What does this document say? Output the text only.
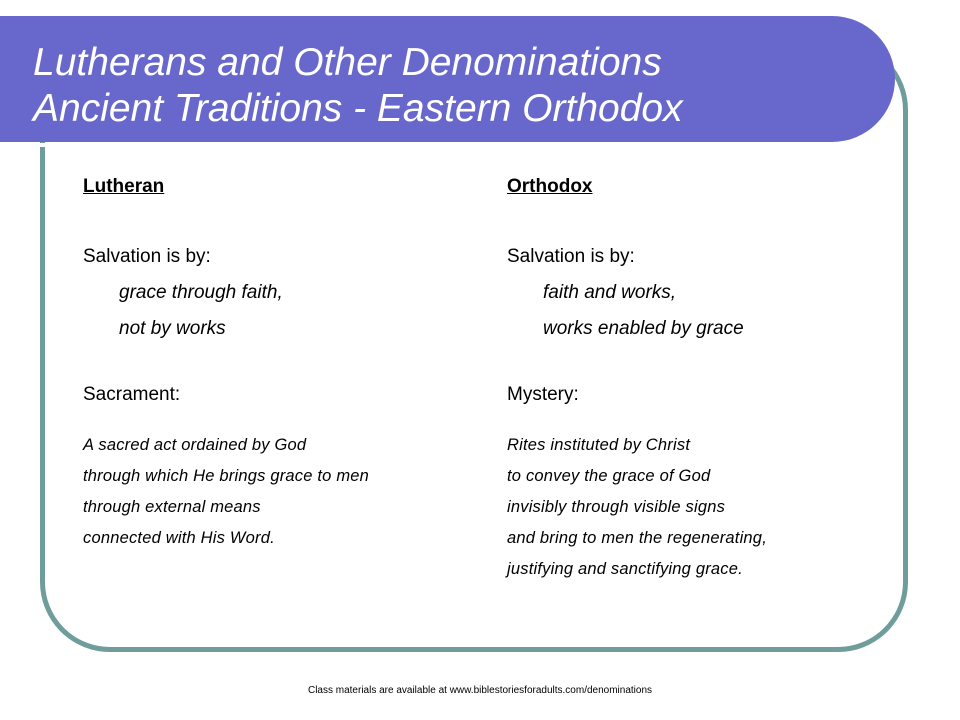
Lutherans and Other Denominations
Ancient Traditions - Eastern Orthodox

Lutheran

Salvation is by:

grace through faith,
not by works

Sacrament:

A sacred act ordained by God
through which He brings grace to men
through external means
connected with His Word.

Orthodox

Salvation is by:

faith and works,
works enabled by grace

Mystery:

Rites instituted by Christ
to convey the grace of God
invisibly through visible signs
and bring to men the regenerating,
justifying and sanctifying grace.
Class materials are available at www.biblestoriesforadults.com/denominations
